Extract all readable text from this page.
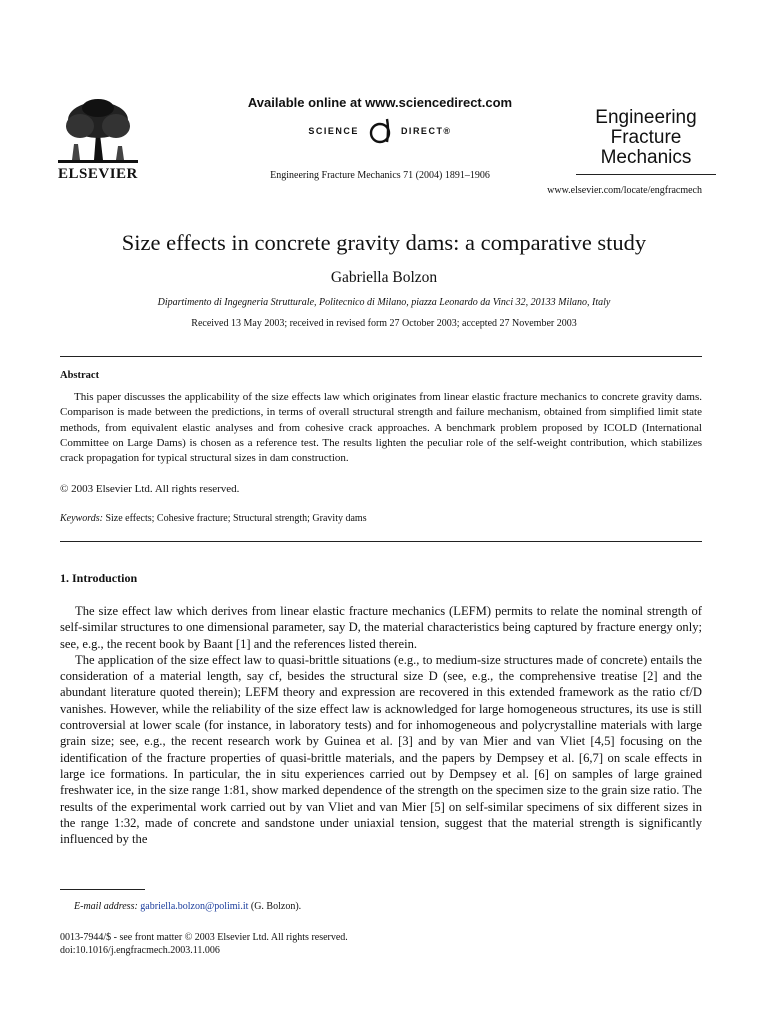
ELSEVIER
Available online at www.sciencedirect.com
SCIENCE	DIRECT®
Engineering Fracture Mechanics 71 (2004) 1891–1906
Engineering
Fracture
Mechanics
www.elsevier.com/locate/engfracmech
Size effects in concrete gravity dams: a comparative study
Gabriella Bolzon
Dipartimento di Ingegneria Strutturale, Politecnico di Milano, piazza Leonardo da Vinci 32, 20133 Milano, Italy
Received 13 May 2003; received in revised form 27 October 2003; accepted 27 November 2003
Abstract

This paper discusses the applicability of the size effects law which originates from linear elastic fracture mechanics to concrete gravity dams. Comparison is made between the predictions, in terms of overall structural strength and failure mechanism, obtained from simplified limit state methods, from equivalent elastic analyses and from cohesive crack approaches. A benchmark problem proposed by ICOLD (International Committee on Large Dams) is chosen as a reference test. The results lighten the peculiar role of the self-weight contribution, which stabilizes crack propagation for typical structural sizes in dam construction.

© 2003 Elsevier Ltd. All rights reserved.
Keywords: Size effects; Cohesive fracture; Structural strength; Gravity dams
1. Introduction

The size effect law which derives from linear elastic fracture mechanics (LEFM) permits to relate the nominal strength of self-similar structures to one dimensional parameter, say D, the material characteristics being captured by fracture energy only; see, e.g., the recent book by Baant [1] and the references listed therein.

The application of the size effect law to quasi-brittle situations (e.g., to medium-size structures made of concrete) entails the consideration of a material length, say cf, besides the structural size D (see, e.g., the comprehensive treatise [2] and the abundant literature quoted therein); LEFM theory and expression are recovered in this extended framework as the ratio cf/D vanishes. However, while the reliability of the size effect law is acknowledged for large homogeneous structures, its use is still controversial at lower scale (for instance, in laboratory tests) and for inhomogeneous and polycrystalline materials with large grain size; see, e.g., the recent research work by Guinea et al. [3] and by van Mier and van Vliet [4,5] focusing on the identification of the fracture properties of quasi-brittle materials, and the papers by Dempsey et al. [6,7] on scale effects in large ice formations. In particular, the in situ experiences carried out by Dempsey et al. [6] on samples of large grained freshwater ice, in the size range 1:81, show marked dependence of the strength on the specimen size to the grain size ratio. The results of the experimental work carried out by van Vliet and van Mier [5] on self-similar specimens of six different sizes in the range 1:32, made of concrete and sandstone under uniaxial tension, suggest that the material strength is significantly influenced by the

E-mail address: gabriella.bolzon@polimi.it (G. Bolzon).
0013-7944/$ - see front matter © 2003 Elsevier Ltd. All rights reserved.
doi:10.1016/j.engfracmech.2003.11.006
